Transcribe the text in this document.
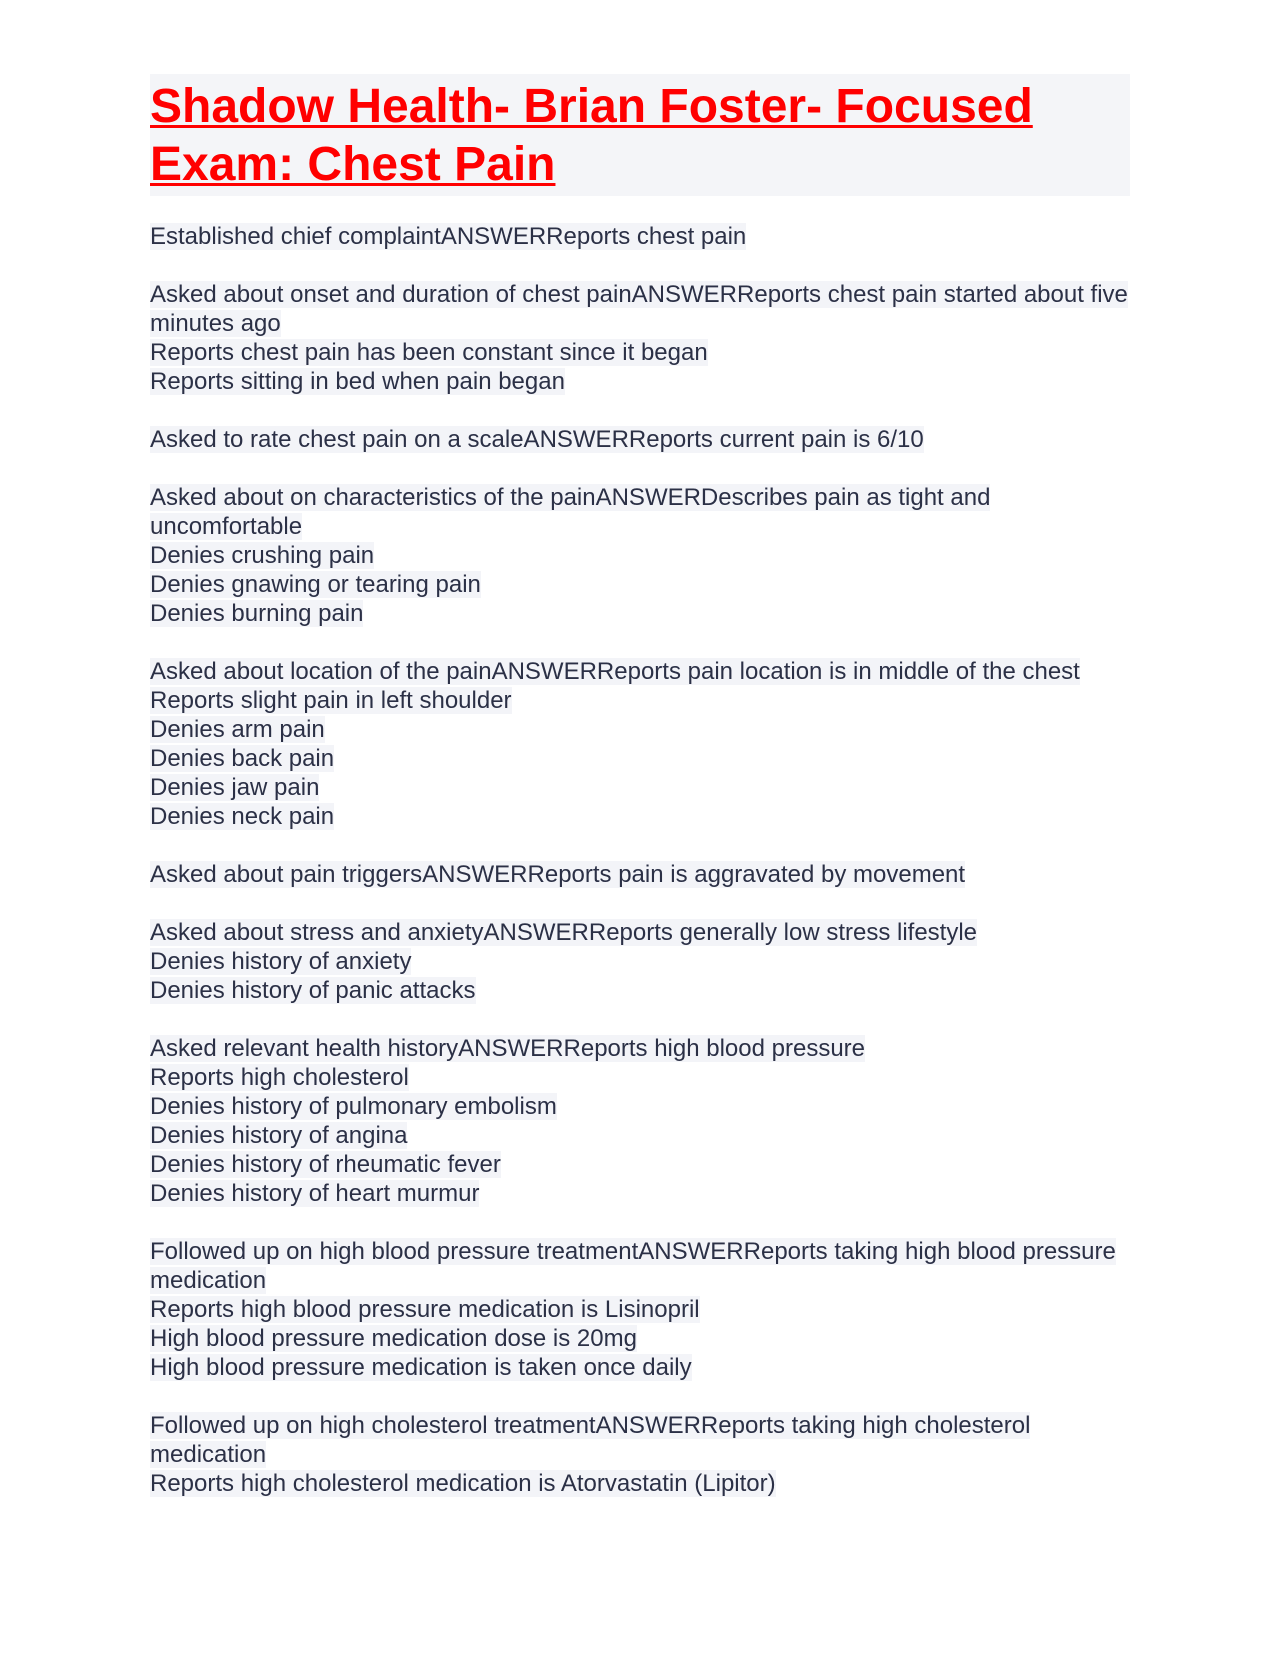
Shadow Health- Brian Foster- Focused Exam: Chest Pain
Established chief complaintANSWERReports chest pain
Asked about onset and duration of chest painANSWERReports chest pain started about five minutes ago
Reports chest pain has been constant since it began
Reports sitting in bed when pain began
Asked to rate chest pain on a scaleANSWERReports current pain is 6/10
Asked about on characteristics of the painANSWERDescribes pain as tight and uncomfortable
Denies crushing pain
Denies gnawing or tearing pain
Denies burning pain
Asked about location of the painANSWERReports pain location is in middle of the chest
Reports slight pain in left shoulder
Denies arm pain
Denies back pain
Denies jaw pain
Denies neck pain
Asked about pain triggersANSWERReports pain is aggravated by movement
Asked about stress and anxietyANSWERReports generally low stress lifestyle
Denies history of anxiety
Denies history of panic attacks
Asked relevant health historyANSWERReports high blood pressure
Reports high cholesterol
Denies history of pulmonary embolism
Denies history of angina
Denies history of rheumatic fever
Denies history of heart murmur
Followed up on high blood pressure treatmentANSWERReports taking high blood pressure medication
Reports high blood pressure medication is Lisinopril
High blood pressure medication dose is 20mg
High blood pressure medication is taken once daily
Followed up on high cholesterol treatmentANSWERReports taking high cholesterol medication
Reports high cholesterol medication is Atorvastatin (Lipitor)
